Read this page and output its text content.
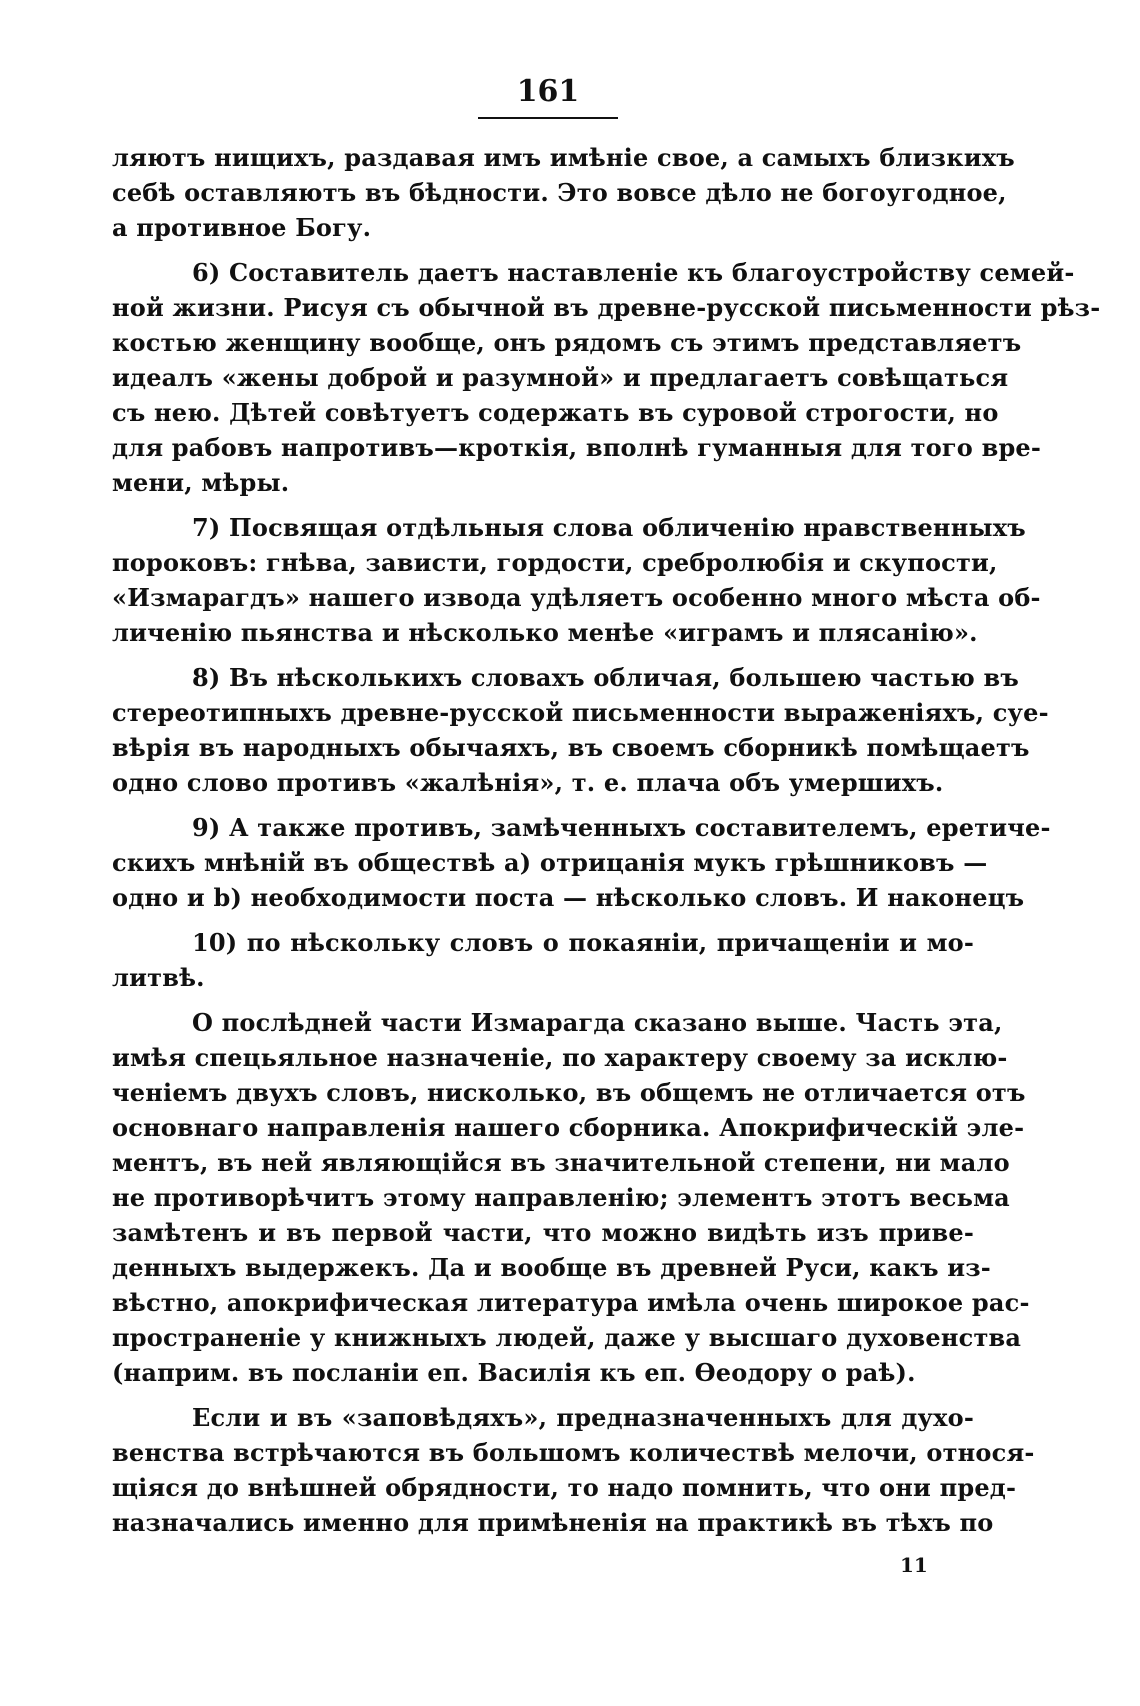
161
ляютъ нищихъ, раздавая имъ имѣніе свое, а самыхъ близкихъ
себѣ оставляютъ въ бѣдности. Это вовсе дѣло не богоугодное,
а противное Богу.
6) Составитель даетъ наставленіе къ благоустройству семей-
ной жизни. Рисуя съ обычной въ древне-русской письменности рѣз-
костью женщину вообще, онъ рядомъ съ этимъ представляетъ
идеалъ «жены доброй и разумной» и предлагаетъ совѣщаться
съ нею. Дѣтей совѣтуетъ содержать въ суровой строгости, но
для рабовъ напротивъ—кроткія, вполнѣ гуманныя для того вре-
мени, мѣры.
7) Посвящая отдѣльныя слова обличенію нравственныхъ
пороковъ: гнѣва, зависти, гордости, сребролюбія и скупости,
«Измарагдъ» нашего извода удѣляетъ особенно много мѣста об-
личенію пьянства и нѣсколько менѣе «играмъ и плясанію».
8) Въ нѣсколькихъ словахъ обличая, большею частью въ
стереотипныхъ древне-русской письменности выраженіяхъ, суе-
вѣрія въ народныхъ обычаяхъ, въ своемъ сборникѣ помѣщаетъ
одно слово противъ «жалѣнія», т. е. плача объ умершихъ.
9) А также противъ, замѣченныхъ составителемъ, еретиче-
скихъ мнѣній въ обществѣ а) отрицанія мукъ грѣшниковъ —
одно и b) необходимости поста — нѣсколько словъ. И наконецъ
10) по нѣскольку словъ о покаяніи, причащеніи и мо-
литвѣ.
О послѣдней части Измарагда сказано выше. Часть эта,
имѣя спецьяльное назначеніе, по характеру своему за исклю-
ченіемъ двухъ словъ, нисколько, въ общемъ не отличается отъ
основнаго направленія нашего сборника. Апокрифическій эле-
ментъ, въ ней являющійся въ значительной степени, ни мало
не противорѣчитъ этому направленію; элементъ этотъ весьма
замѣтенъ и въ первой части, что можно видѣть изъ приве-
денныхъ выдержекъ. Да и вообще въ древней Руси, какъ из-
вѣстно, апокрифическая литература имѣла очень широкое рас-
пространеніе у книжныхъ людей, даже у высшаго духовенства
(наприм. въ посланіи еп. Василія къ еп. Ѳеодору о раѣ).
Если и въ «заповѣдяхъ», предназначенныхъ для духо-
венства встрѣчаются въ большомъ количествѣ мелочи, относя-
щіяся до внѣшней обрядности, то надо помнить, что они пред-
назначались именно для примѣненія на практикѣ въ тѣхъ по
11
